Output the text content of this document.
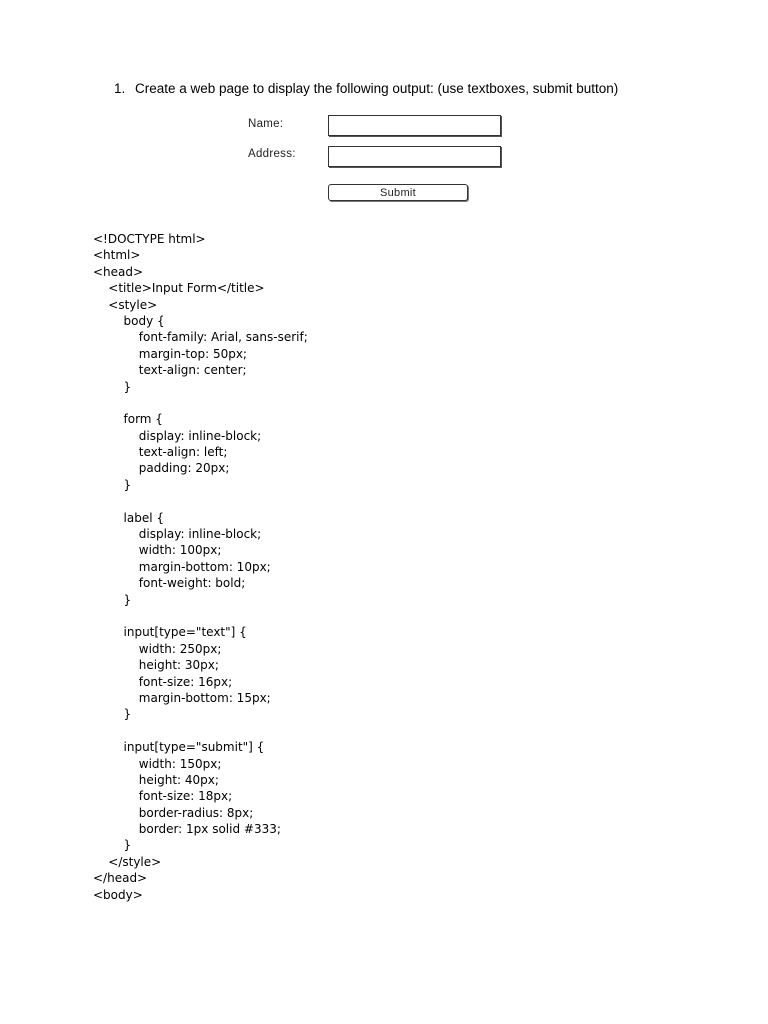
1. Create a web page to display the following output: (use textboxes, submit button)
Name:
Address:
Submit
<!DOCTYPE html>
<html>
<head>
<title>Input Form</title>
<style>
body {
font-family: Arial, sans-serif;
margin-top: 50px;
text-align: center;
}
form {
display: inline-block;
text-align: left;
padding: 20px;
}
label {
display: inline-block;
width: 100px;
margin-bottom: 10px;
font-weight: bold;
}
input[type="text"] {
width: 250px;
height: 30px;
font-size: 16px;
margin-bottom: 15px;
}
input[type="submit"] {
width: 150px;
height: 40px;
font-size: 18px;
border-radius: 8px;
border: 1px solid #333;
}
</style>
</head>
<body>
